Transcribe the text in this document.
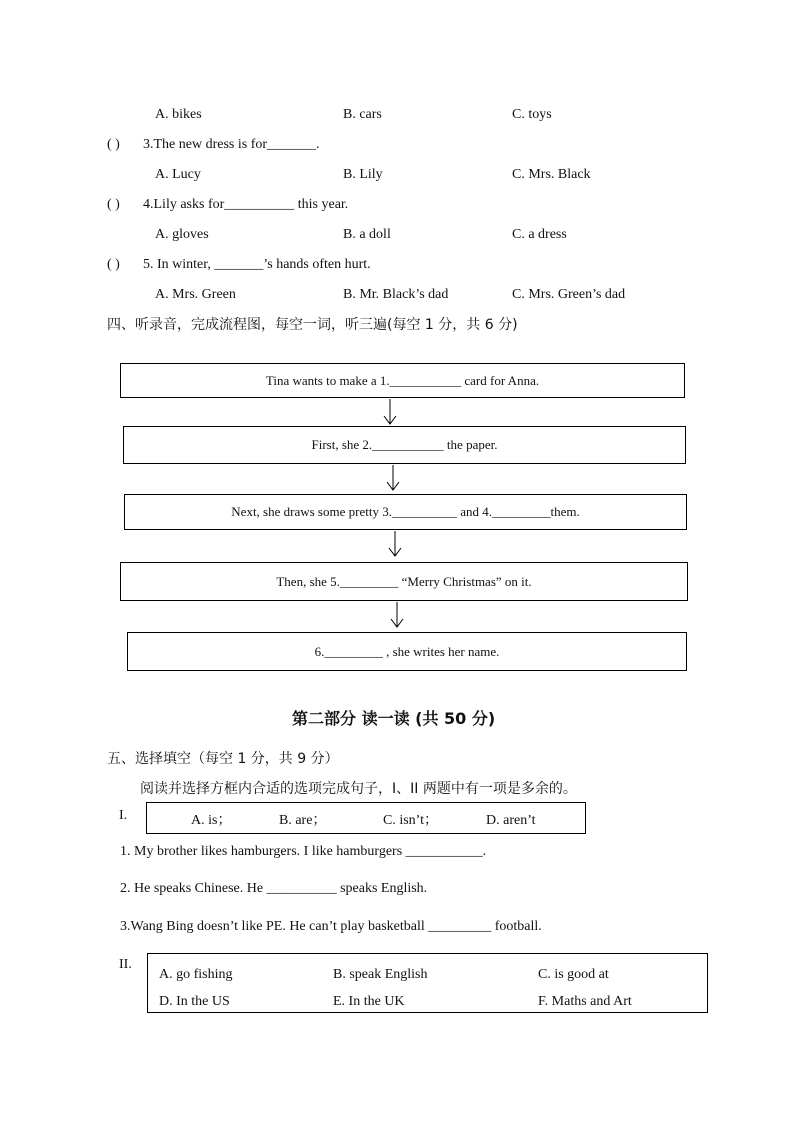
A. bikes	B. cars	C. toys
( ) 3.The new dress is for_______.
A. Lucy	B. Lily	C. Mrs. Black
( ) 4.Lily asks for__________ this year.
A. gloves	B. a doll	C. a dress
( ) 5. In winter, _______’s hands often hurt.
A. Mrs. Green	B. Mr. Black’s dad	C. Mrs. Green’s dad
四、听录音，完成流程图，每空一词，听三遍(每空 1 分，共 6 分)
Tina wants to make a 1.___________ card for Anna.
First, she 2.___________ the paper.
Next, she draws some pretty 3.__________ and 4._________them.
Then, she 5._________ “Merry Christmas” on it.
6._________ , she writes her name.
第二部分 读一读 (共 50 分)
五、选择填空（每空 1 分，共 9 分）
阅读并选择方框内合适的选项完成句子，I、II 两题中有一项是多余的。
I.	A. is；	B. are；	C. isn’t；	D. aren’t
1. My brother likes hamburgers. I like hamburgers ___________.
2. He speaks Chinese. He __________ speaks English.
3.Wang Bing doesn’t like PE. He can’t play basketball _________ football.
II.
A. go fishing	B. speak English	C. is good at
D. In the US	E. In the UK	F. Maths and Art
